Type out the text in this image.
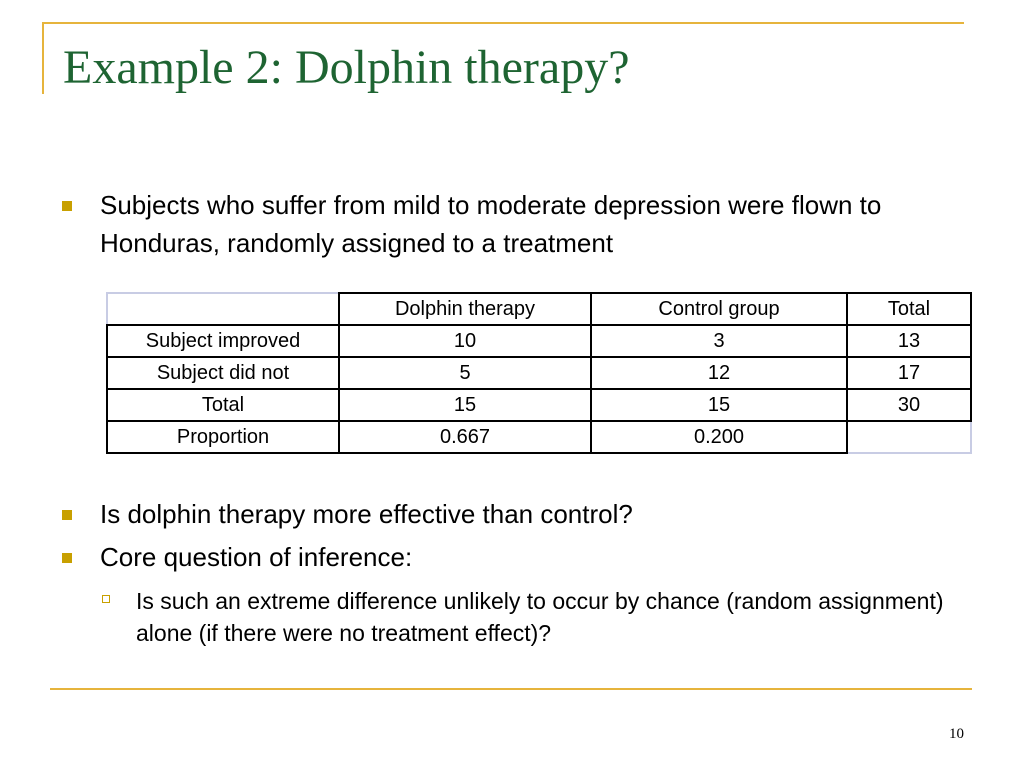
Example 2: Dolphin therapy?
Subjects who suffer from mild to moderate depression were flown to Honduras, randomly assigned to a treatment
	Dolphin therapy	Control group	Total
Subject improved	10	3	13
Subject did not	5	12	17
Total	15	15	30
Proportion	0.667	0.200	
Is dolphin therapy more effective than control?
Core question of inference:
Is such an extreme difference unlikely to occur by chance (random assignment) alone (if there were no treatment effect)?
10
